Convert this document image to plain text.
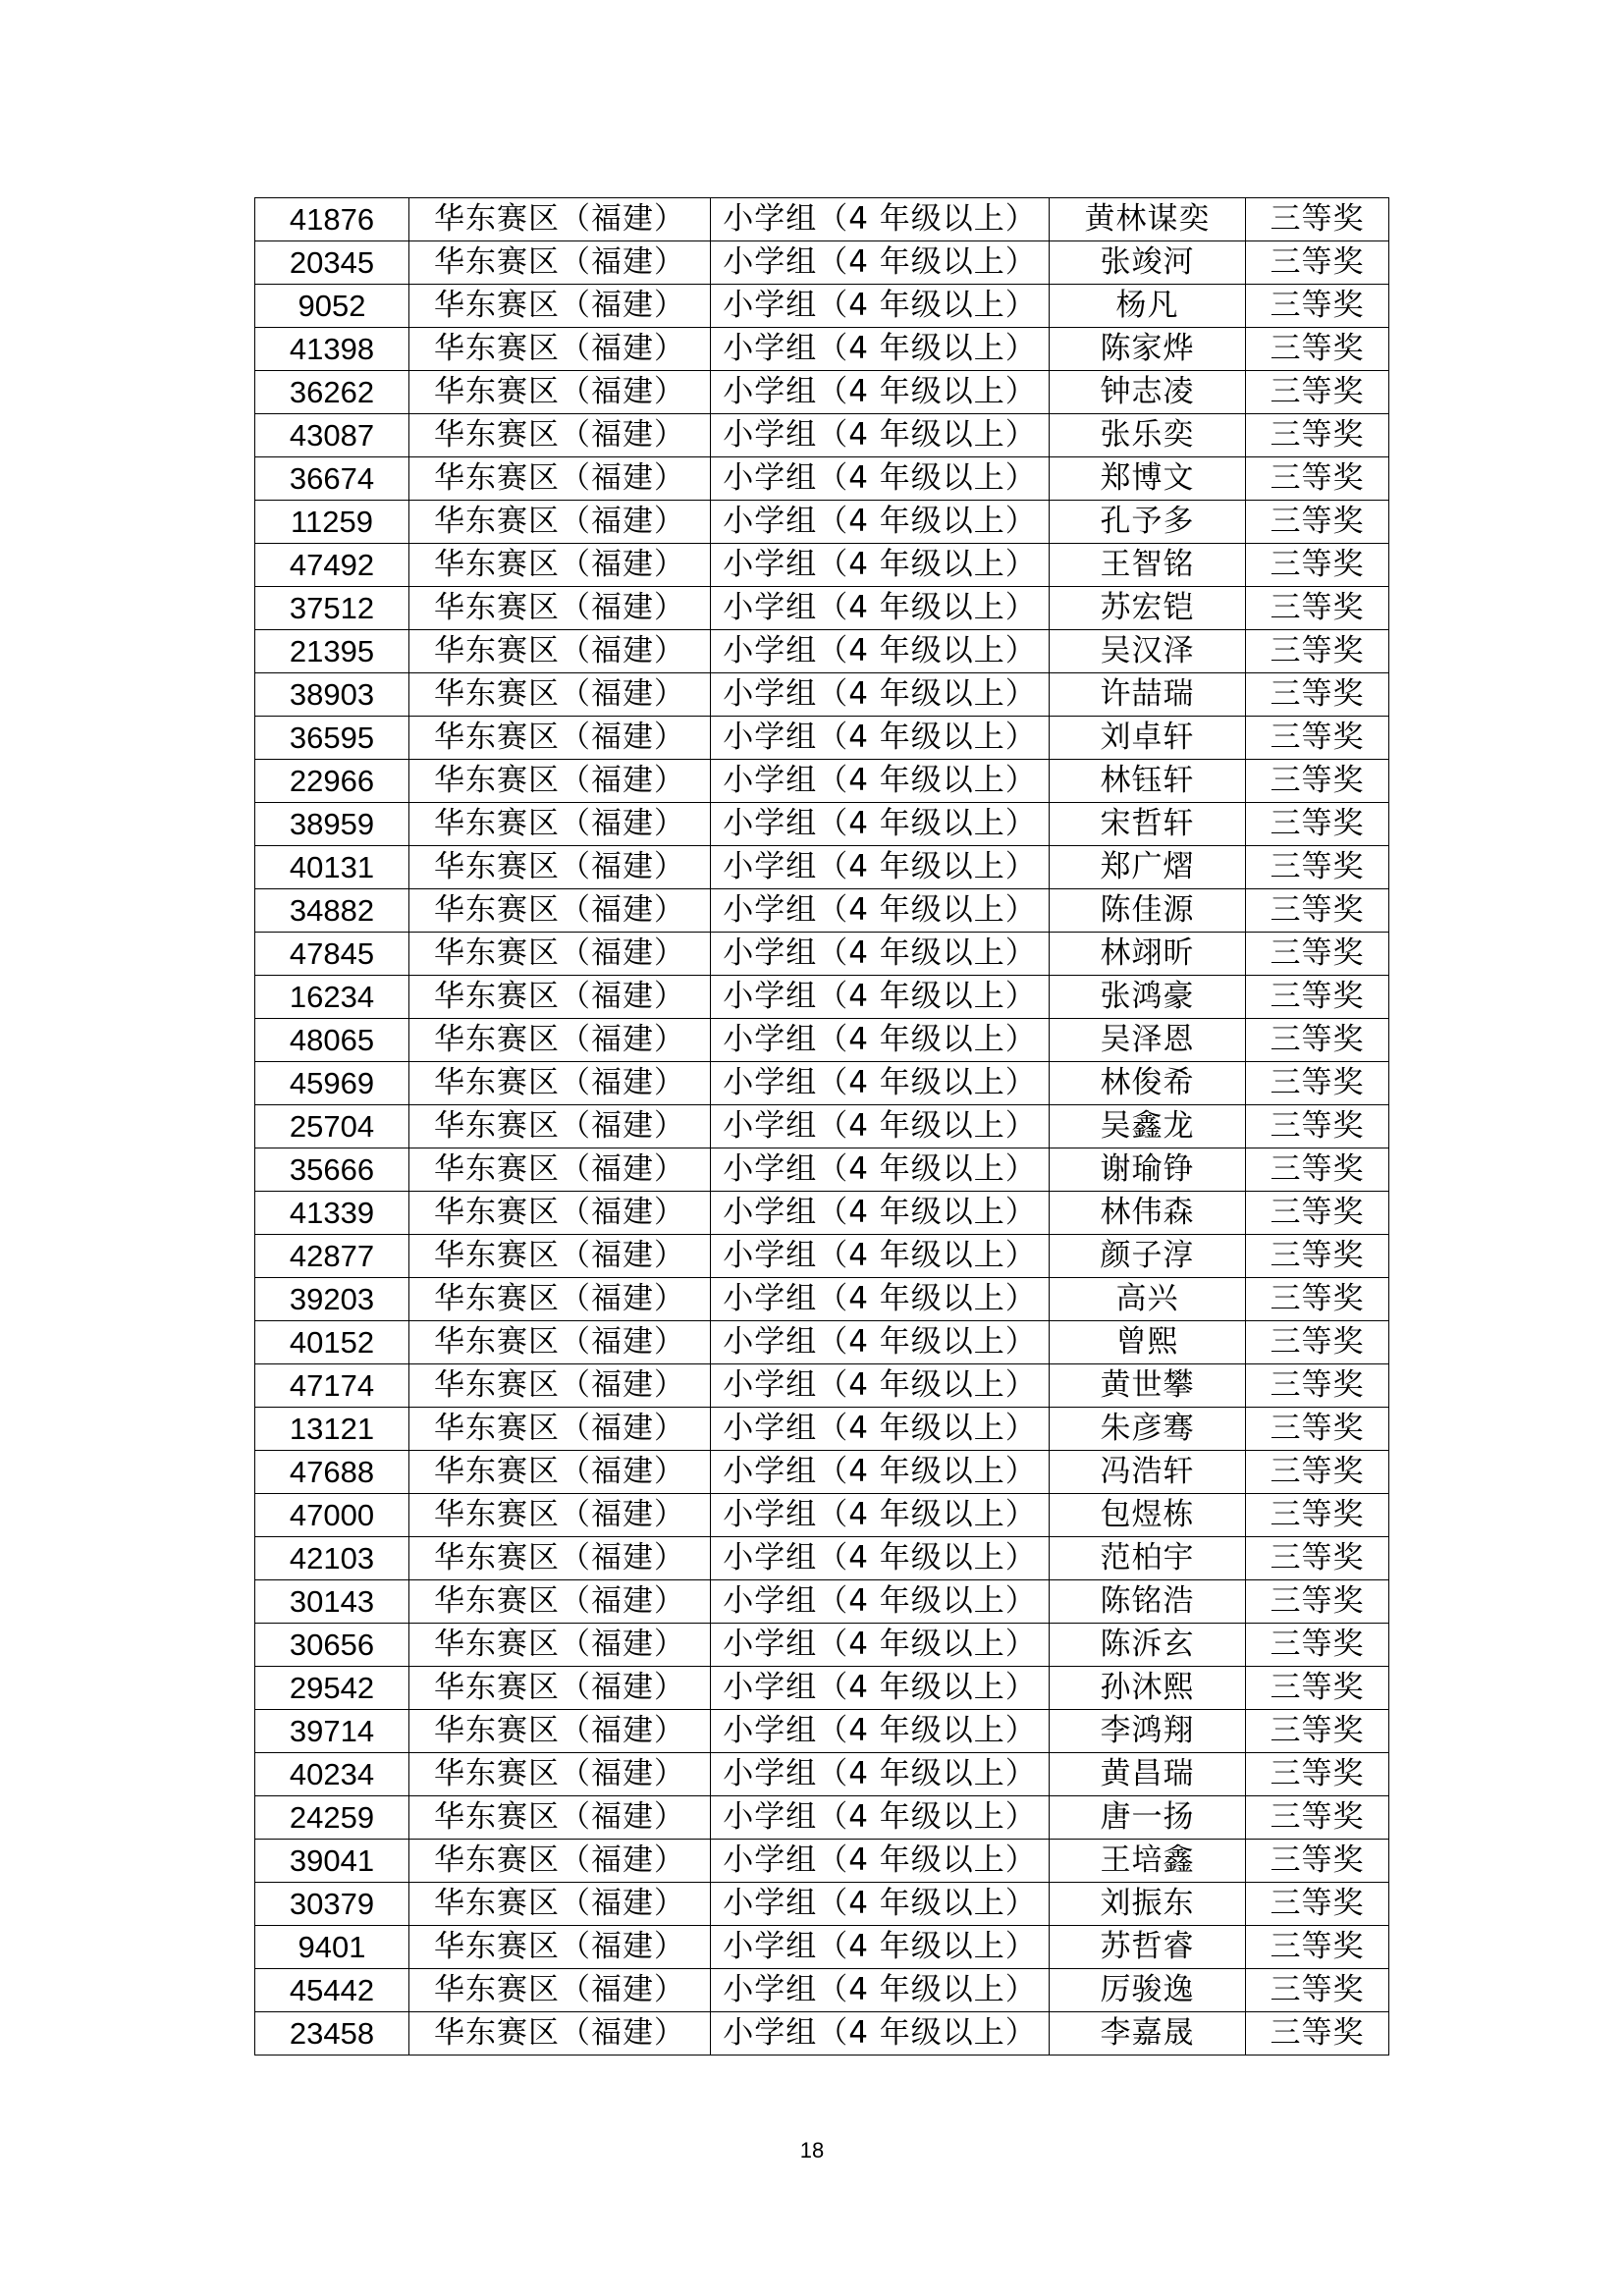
41876	华东赛区（福建）	小学组（4 年级以上）	黄林谋奕	三等奖
20345	华东赛区（福建）	小学组（4 年级以上）	张竣河	三等奖
9052	华东赛区（福建）	小学组（4 年级以上）	杨凡	三等奖
41398	华东赛区（福建）	小学组（4 年级以上）	陈家烨	三等奖
36262	华东赛区（福建）	小学组（4 年级以上）	钟志凌	三等奖
43087	华东赛区（福建）	小学组（4 年级以上）	张乐奕	三等奖
36674	华东赛区（福建）	小学组（4 年级以上）	郑博文	三等奖
11259	华东赛区（福建）	小学组（4 年级以上）	孔予多	三等奖
47492	华东赛区（福建）	小学组（4 年级以上）	王智铭	三等奖
37512	华东赛区（福建）	小学组（4 年级以上）	苏宏铠	三等奖
21395	华东赛区（福建）	小学组（4 年级以上）	吴汉泽	三等奖
38903	华东赛区（福建）	小学组（4 年级以上）	许喆瑞	三等奖
36595	华东赛区（福建）	小学组（4 年级以上）	刘卓轩	三等奖
22966	华东赛区（福建）	小学组（4 年级以上）	林钰轩	三等奖
38959	华东赛区（福建）	小学组（4 年级以上）	宋哲轩	三等奖
40131	华东赛区（福建）	小学组（4 年级以上）	郑广熠	三等奖
34882	华东赛区（福建）	小学组（4 年级以上）	陈佳源	三等奖
47845	华东赛区（福建）	小学组（4 年级以上）	林翊昕	三等奖
16234	华东赛区（福建）	小学组（4 年级以上）	张鸿豪	三等奖
48065	华东赛区（福建）	小学组（4 年级以上）	吴泽恩	三等奖
45969	华东赛区（福建）	小学组（4 年级以上）	林俊希	三等奖
25704	华东赛区（福建）	小学组（4 年级以上）	吴鑫龙	三等奖
35666	华东赛区（福建）	小学组（4 年级以上）	谢瑜铮	三等奖
41339	华东赛区（福建）	小学组（4 年级以上）	林伟森	三等奖
42877	华东赛区（福建）	小学组（4 年级以上）	颜子淳	三等奖
39203	华东赛区（福建）	小学组（4 年级以上）	高兴	三等奖
40152	华东赛区（福建）	小学组（4 年级以上）	曾熙	三等奖
47174	华东赛区（福建）	小学组（4 年级以上）	黄世攀	三等奖
13121	华东赛区（福建）	小学组（4 年级以上）	朱彦骞	三等奖
47688	华东赛区（福建）	小学组（4 年级以上）	冯浩轩	三等奖
47000	华东赛区（福建）	小学组（4 年级以上）	包煜栋	三等奖
42103	华东赛区（福建）	小学组（4 年级以上）	范柏宇	三等奖
30143	华东赛区（福建）	小学组（4 年级以上）	陈铭浩	三等奖
30656	华东赛区（福建）	小学组（4 年级以上）	陈泝玄	三等奖
29542	华东赛区（福建）	小学组（4 年级以上）	孙沐熙	三等奖
39714	华东赛区（福建）	小学组（4 年级以上）	李鸿翔	三等奖
40234	华东赛区（福建）	小学组（4 年级以上）	黄昌瑞	三等奖
24259	华东赛区（福建）	小学组（4 年级以上）	唐一扬	三等奖
39041	华东赛区（福建）	小学组（4 年级以上）	王培鑫	三等奖
30379	华东赛区（福建）	小学组（4 年级以上）	刘振东	三等奖
9401	华东赛区（福建）	小学组（4 年级以上）	苏哲睿	三等奖
45442	华东赛区（福建）	小学组（4 年级以上）	厉骏逸	三等奖
23458	华东赛区（福建）	小学组（4 年级以上）	李嘉晟	三等奖
18
